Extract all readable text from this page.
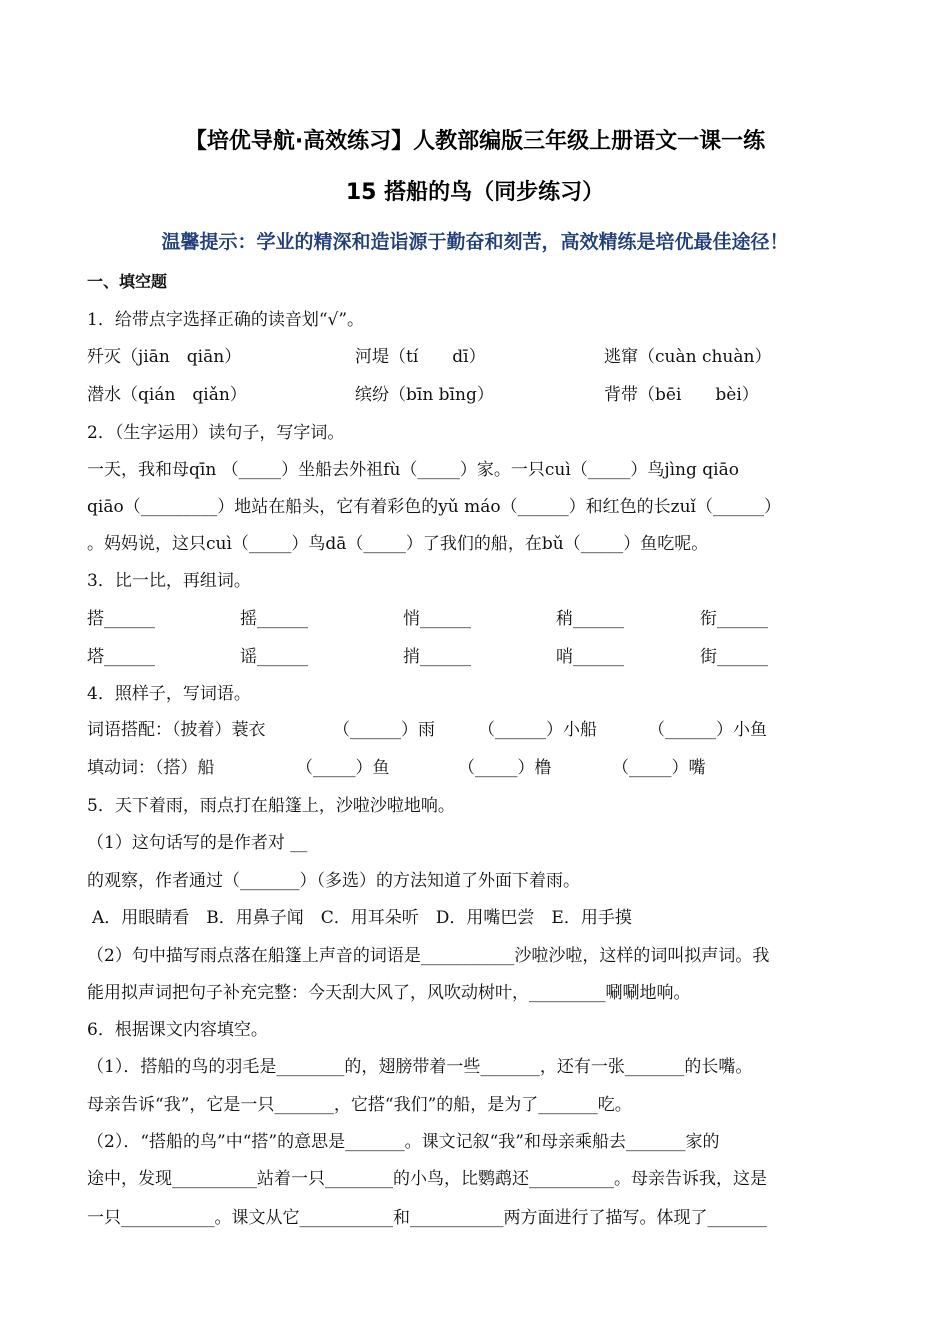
【培优导航·高效练习】人教部编版三年级上册语文一课一练
15 搭船的鸟（同步练习）
温馨提示：学业的精深和造诣源于勤奋和刻苦，高效精练是培优最佳途径！
一、填空题
1．给带点字选择正确的读音划“√”。
歼灭（jiān　qiān）	河堤（tí　　dī）	逃窜（cuàn chuàn）
潜水（qián　qiǎn）	缤纷（bīn bīng）	背带（bēi　　bèi）
2．（生字运用）读句子，写字词。
一天，我和母qīn （_____）坐船去外祖fù（_____）家。一只cuì（_____）鸟jìng qiāo
qiāo（_________）地站在船头，它有着彩色的yǔ máo（______）和红色的长zuǐ（______）
。妈妈说，这只cuì（_____）鸟dā（_____）了我们的船，在bǔ（_____）鱼吃呢。
3．比一比，再组词。
搭______	摇______	悄______	稍______	衔______
塔______	谣______	捎______	哨______	街______
4．照样子，写词语。
词语搭配：（披着）蓑衣	（______）雨	（______）小船	（______）小鱼
填动词：（搭）船	（_____）鱼	（_____）橹	（_____）嘴
5．天下着雨，雨点打在船篷上，沙啦沙啦地响。
（1）这句话写的是作者对 __
的观察，作者通过（_______）（多选）的方法知道了外面下着雨。
A．用眼睛看　B．用鼻子闻　C．用耳朵听　D．用嘴巴尝　E．用手摸
（2）句中描写雨点落在船篷上声音的词语是___________沙啦沙啦，这样的词叫拟声词。我
能用拟声词把句子补充完整：今天刮大风了，风吹动树叶，_________唰唰地响。
6．根据课文内容填空。
（1）．搭船的鸟的羽毛是________的，翅膀带着一些_______，还有一张_______的长嘴。
母亲告诉“我”，它是一只_______，它搭“我们”的船，是为了_______吃。
（2）．“搭船的鸟”中“搭”的意思是_______。课文记叙“我”和母亲乘船去_______家的
途中，发现__________站着一只________的小鸟，比鹦鹉还__________。母亲告诉我，这是
一只___________。课文从它___________和___________两方面进行了描写。体现了_______
